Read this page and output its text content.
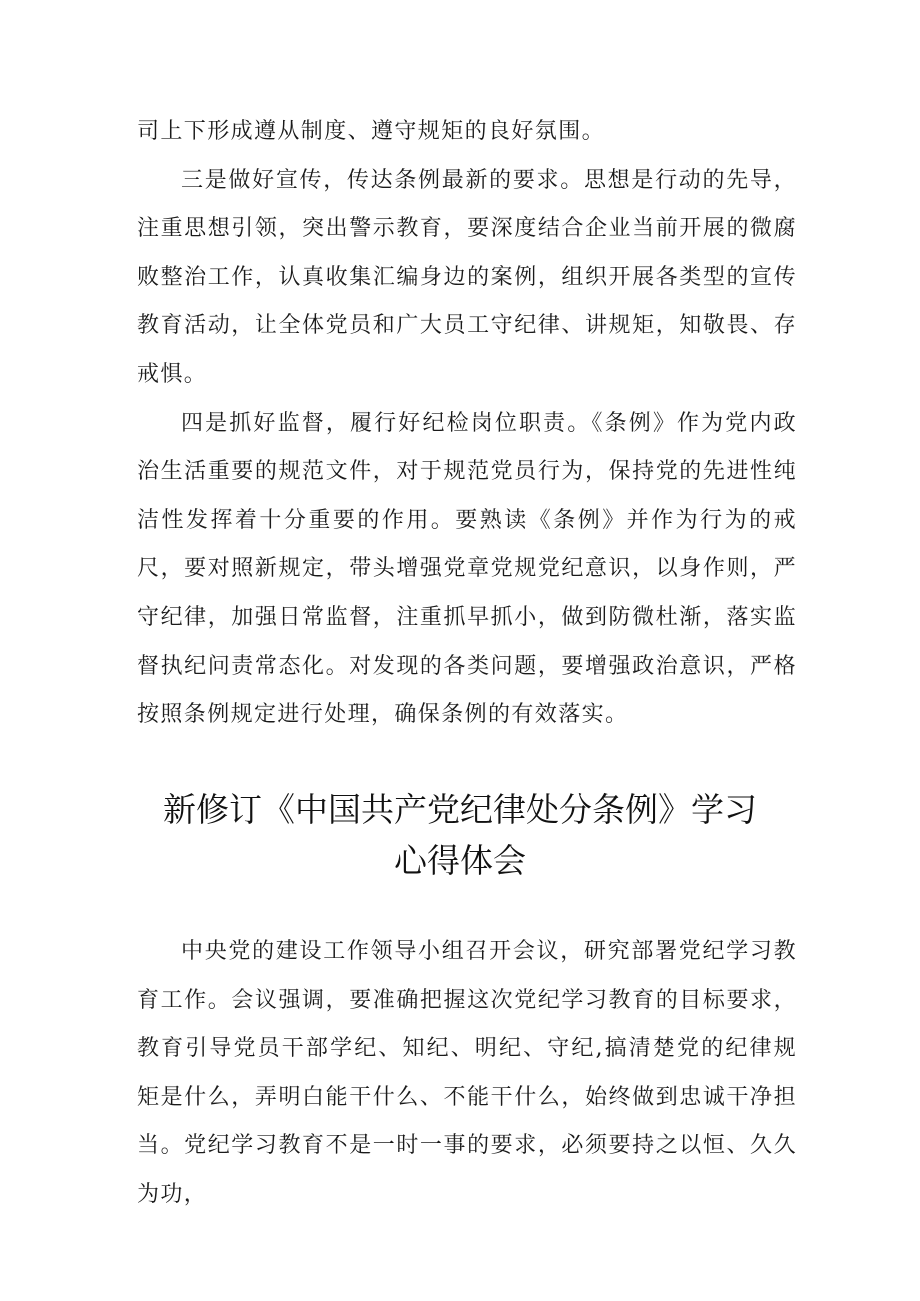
司上下形成遵从制度、遵守规矩的良好氛围。

三是做好宣传，传达条例最新的要求。思想是行动的先导，注重思想引领，突出警示教育，要深度结合企业当前开展的微腐败整治工作，认真收集汇编身边的案例，组织开展各类型的宣传教育活动，让全体党员和广大员工守纪律、讲规矩，知敬畏、存戒惧。

四是抓好监督，履行好纪检岗位职责。《条例》作为党内政治生活重要的规范文件，对于规范党员行为，保持党的先进性纯洁性发挥着十分重要的作用。要熟读《条例》并作为行为的戒尺，要对照新规定，带头增强党章党规党纪意识，以身作则，严守纪律，加强日常监督，注重抓早抓小，做到防微杜渐，落实监督执纪问责常态化。对发现的各类问题，要增强政治意识，严格按照条例规定进行处理，确保条例的有效落实。

新修订《中国共产党纪律处分条例》学习
心得体会

中央党的建设工作领导小组召开会议，研究部署党纪学习教育工作。会议强调，要准确把握这次党纪学习教育的目标要求，教育引导党员干部学纪、知纪、明纪、守纪,搞清楚党的纪律规矩是什么，弄明白能干什么、不能干什么，始终做到忠诚干净担当。党纪学习教育不是一时一事的要求，必须要持之以恒、久久为功，
